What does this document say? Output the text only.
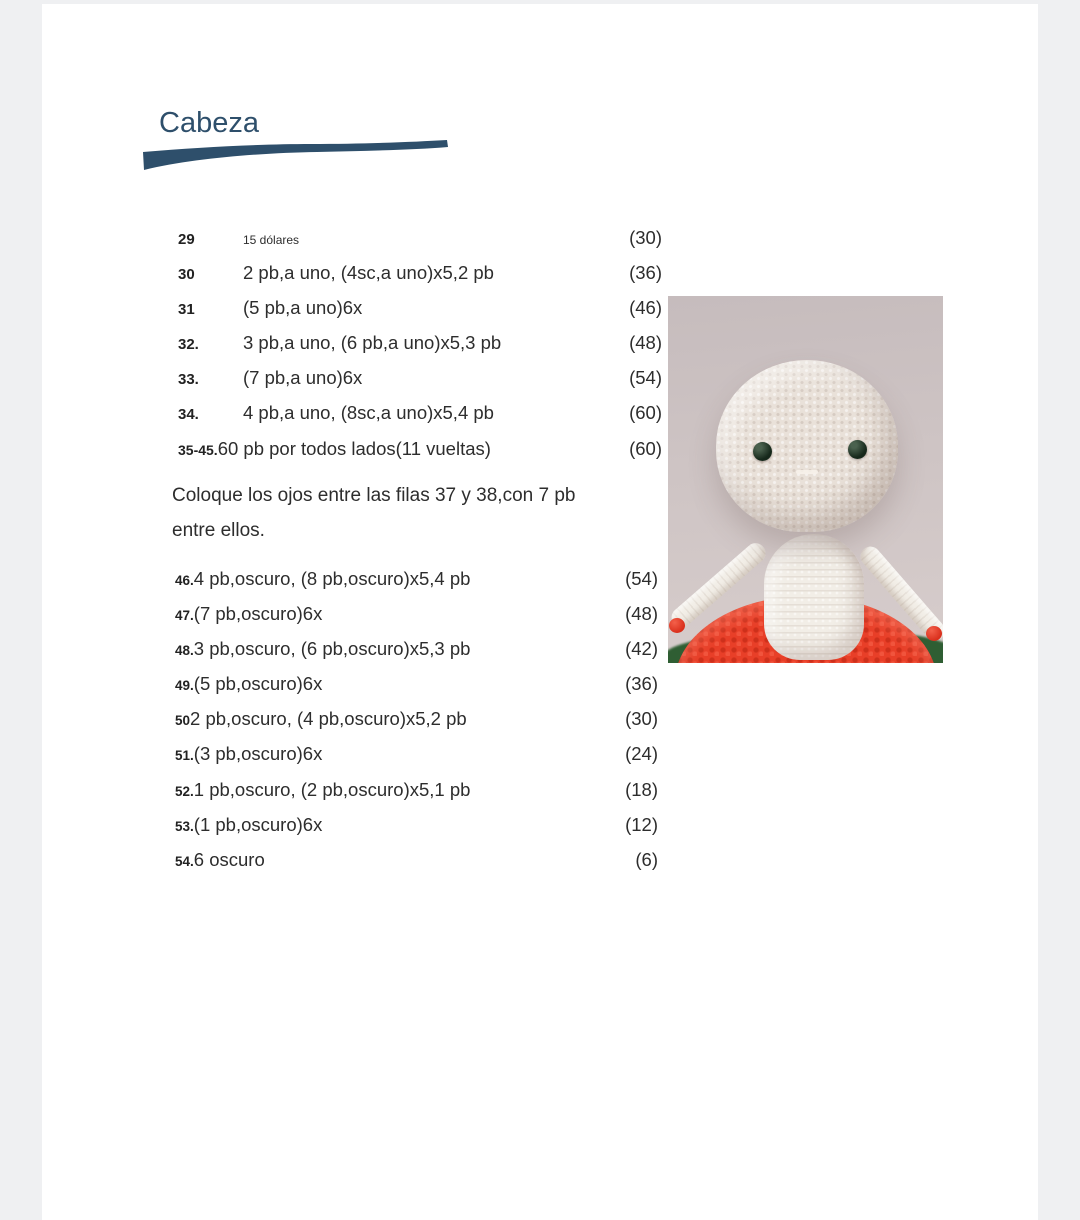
Cabeza
29	15 dólares	(30)
30	2 pb,a uno, (4sc,a uno)x5,2 pb	(36)
31	(5 pb,a uno)6x	(46)
32.	3 pb,a uno, (6 pb,a uno)x5,3 pb	(48)
33.	(7 pb,a uno)6x	(54)
34.	4 pb,a uno, (8sc,a uno)x5,4 pb	(60)
35-45. 60 pb por todos lados(11 vueltas)	(60)
Coloque los ojos entre las filas 37 y 38,con 7 pb entre ellos.
46. 4 pb,oscuro, (8 pb,oscuro)x5,4 pb	(54)
47. (7 pb,oscuro)6x	(48)
48. 3 pb,oscuro, (6 pb,oscuro)x5,3 pb	(42)
49. (5 pb,oscuro)6x	(36)
50 2 pb,oscuro, (4 pb,oscuro)x5,2 pb	(30)
51. (3 pb,oscuro)6x	(24)
52. 1 pb,oscuro, (2 pb,oscuro)x5,1 pb	(18)
53. (1 pb,oscuro)6x	(12)
54. 6 oscuro	(6)
